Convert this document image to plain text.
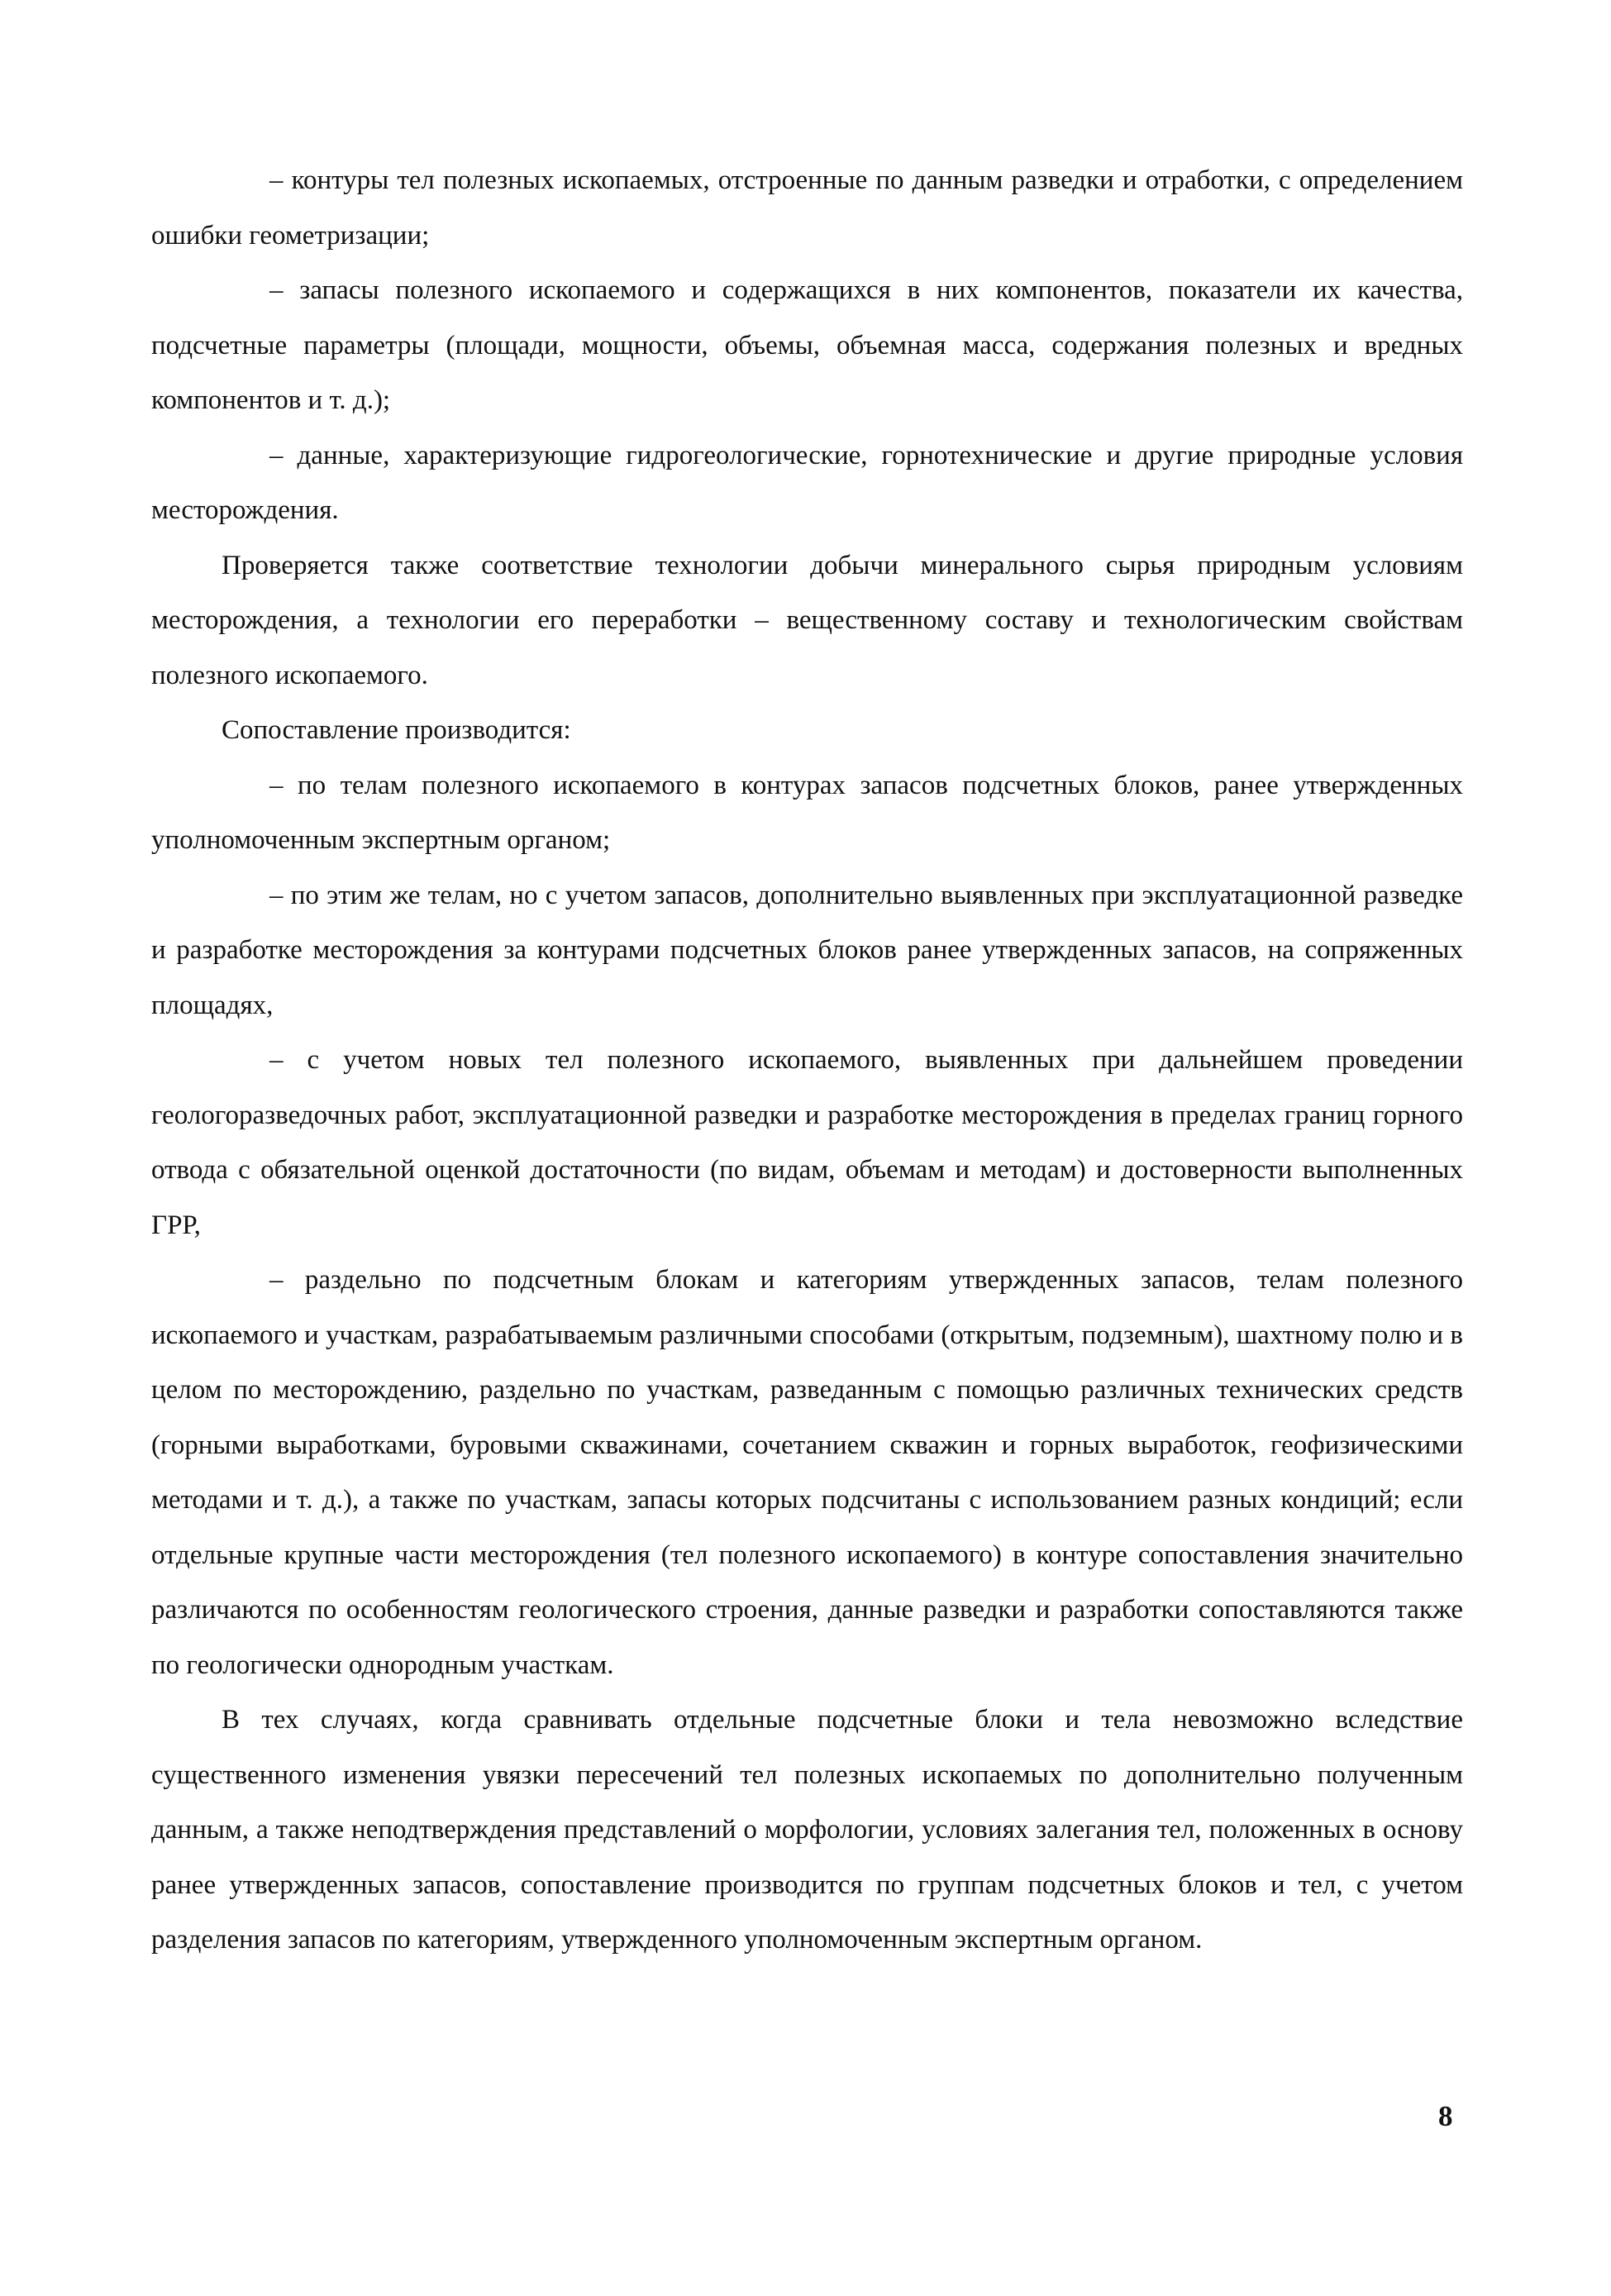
– контуры тел полезных ископаемых, отстроенные по данным разведки и отработки, с определением ошибки геометризации;

– запасы полезного ископаемого и содержащихся в них компонентов, показатели их качества, подсчетные параметры (площади, мощности, объемы, объемная масса, содержания полезных и вредных компонентов и т. д.);

– данные, характеризующие гидрогеологические, горнотехнические и другие природные условия месторождения.

Проверяется также соответствие технологии добычи минерального сырья природным условиям месторождения, а технологии его переработки – вещественному составу и технологическим свойствам полезного ископаемого.

Сопоставление производится:

– по телам полезного ископаемого в контурах запасов подсчетных блоков, ранее утвержденных уполномоченным экспертным органом;

– по этим же телам, но с учетом запасов, дополнительно выявленных при эксплуатационной разведке и разработке месторождения за контурами подсчетных блоков ранее утвержденных запасов, на сопряженных площадях,

– с учетом новых тел полезного ископаемого, выявленных при дальнейшем проведении геологоразведочных работ, эксплуатационной разведки и разработке месторождения в пределах границ горного отвода с обязательной оценкой достаточности (по видам, объемам и методам) и достоверности выполненных ГРР,

– раздельно по подсчетным блокам и категориям утвержденных запасов, телам полезного ископаемого и участкам, разрабатываемым различными способами (открытым, подземным), шахтному полю и в целом по месторождению, раздельно по участкам, разведанным с помощью различных технических средств (горными выработками, буровыми скважинами, сочетанием скважин и горных выработок, геофизическими методами и т. д.), а также по участкам, запасы которых подсчитаны с использованием разных кондиций; если отдельные крупные части месторождения (тел полезного ископаемого) в контуре сопоставления значительно различаются по особенностям геологического строения, данные разведки и разработки сопоставляются также по геологически однородным участкам.

В тех случаях, когда сравнивать отдельные подсчетные блоки и тела невозможно вследствие существенного изменения увязки пересечений тел полезных ископаемых по дополнительно полученным данным, а также неподтверждения представлений о морфологии, условиях залегания тел, положенных в основу ранее утвержденных запасов, сопоставление производится по группам подсчетных блоков и тел, с учетом разделения запасов по категориям, утвержденного уполномоченным экспертным органом.

8
